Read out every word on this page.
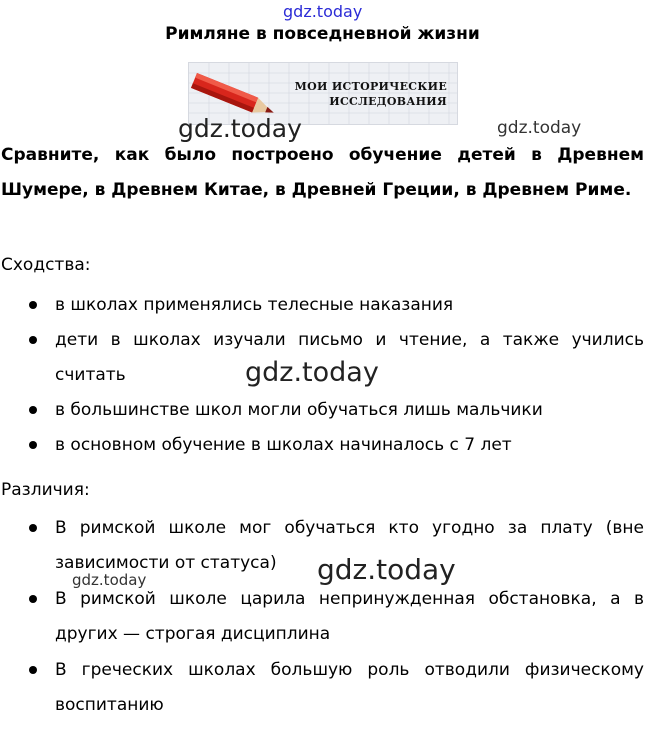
gdz.today
Римляне в повседневной жизни
МОИ ИСТОРИЧЕСКИЕ
ИССЛЕДОВАНИЯ
gdz.today	gdz.today
Сравните, как было построено обучение детей в Древнем Шумере, в Древнем Китае, в Древней Греции, в Древнем Риме.
Сходства:
в школах применялись телесные наказания
дети в школах изучали письмо и чтение, а также учились считать
в большинстве школ могли обучаться лишь мальчики
в основном обучение в школах начиналось с 7 лет
gdz.today
Различия:
В римской школе мог обучаться кто угодно за плату (вне зависимости от статуса)
В римской школе царила непринужденная обстановка, а в других — строгая дисциплина
В греческих школах большую роль отводили физическому воспитанию
gdz.today
gdz.today
